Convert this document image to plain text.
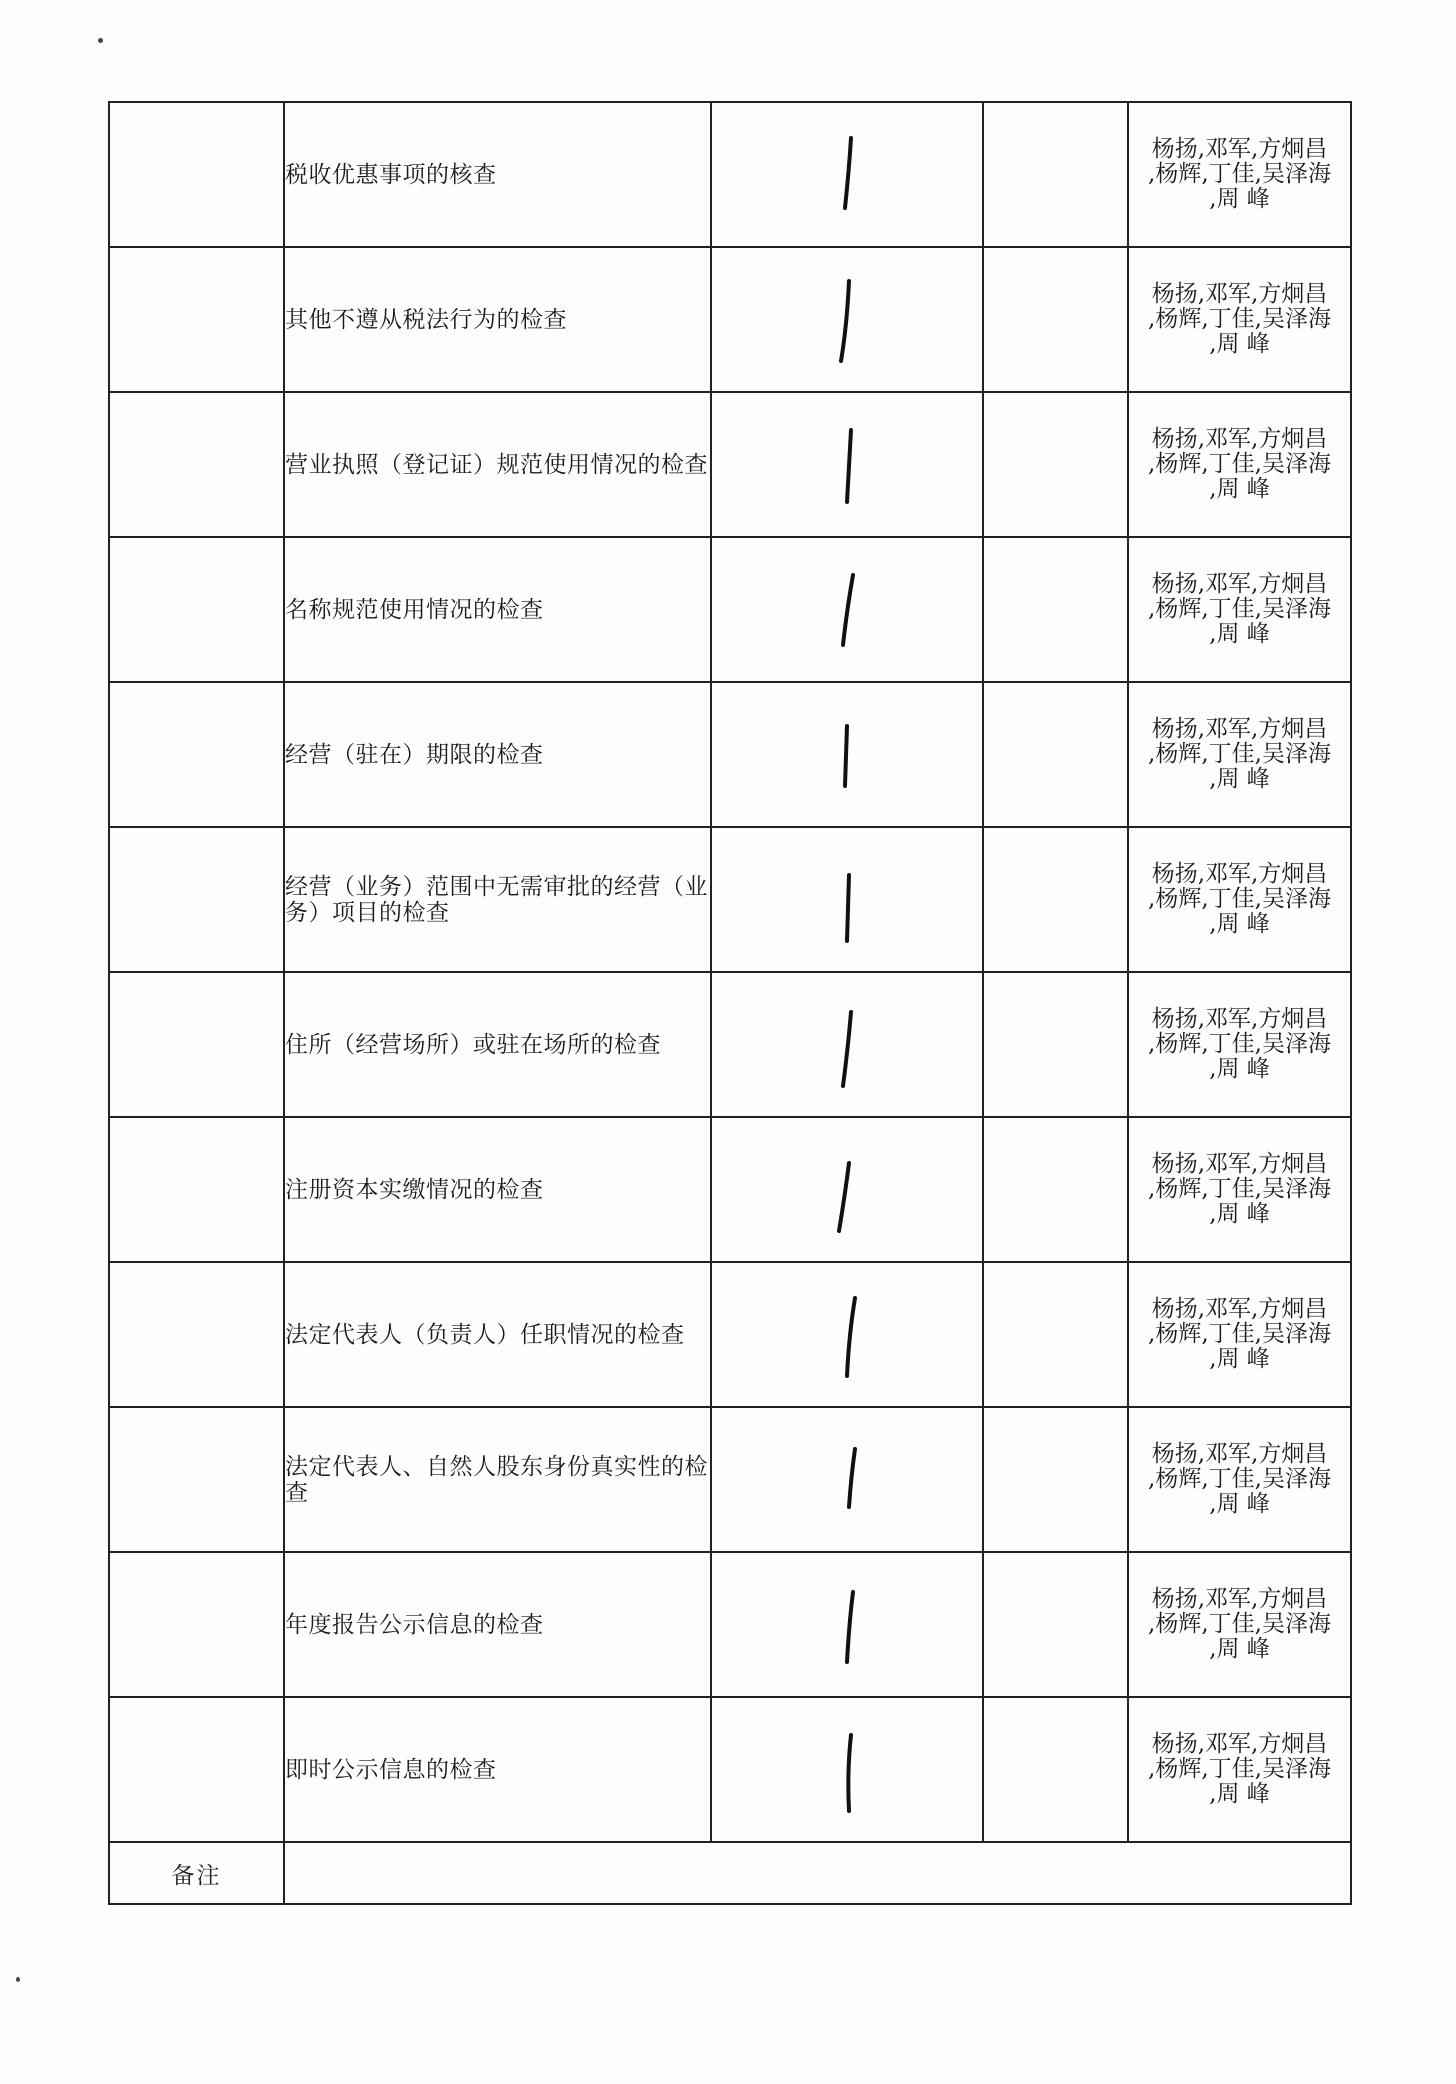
	税收优惠事项的核查			杨扬,邓军,方炯昌
,杨辉,丁佳,吴泽海
,周 峰
	其他不遵从税法行为的检查			杨扬,邓军,方炯昌
,杨辉,丁佳,吴泽海
,周 峰
	营业执照（登记证）规范使用情况的检查			杨扬,邓军,方炯昌
,杨辉,丁佳,吴泽海
,周 峰
	名称规范使用情况的检查			杨扬,邓军,方炯昌
,杨辉,丁佳,吴泽海
,周 峰
	经营（驻在）期限的检查			杨扬,邓军,方炯昌
,杨辉,丁佳,吴泽海
,周 峰
	经营（业务）范围中无需审批的经营（业务）项目的检查			杨扬,邓军,方炯昌
,杨辉,丁佳,吴泽海
,周 峰
	住所（经营场所）或驻在场所的检查			杨扬,邓军,方炯昌
,杨辉,丁佳,吴泽海
,周 峰
	注册资本实缴情况的检查			杨扬,邓军,方炯昌
,杨辉,丁佳,吴泽海
,周 峰
	法定代表人（负责人）任职情况的检查			杨扬,邓军,方炯昌
,杨辉,丁佳,吴泽海
,周 峰
	法定代表人、自然人股东身份真实性的检查			杨扬,邓军,方炯昌
,杨辉,丁佳,吴泽海
,周 峰
	年度报告公示信息的检查			杨扬,邓军,方炯昌
,杨辉,丁佳,吴泽海
,周 峰
	即时公示信息的检查			杨扬,邓军,方炯昌
,杨辉,丁佳,吴泽海
,周 峰
备注				
